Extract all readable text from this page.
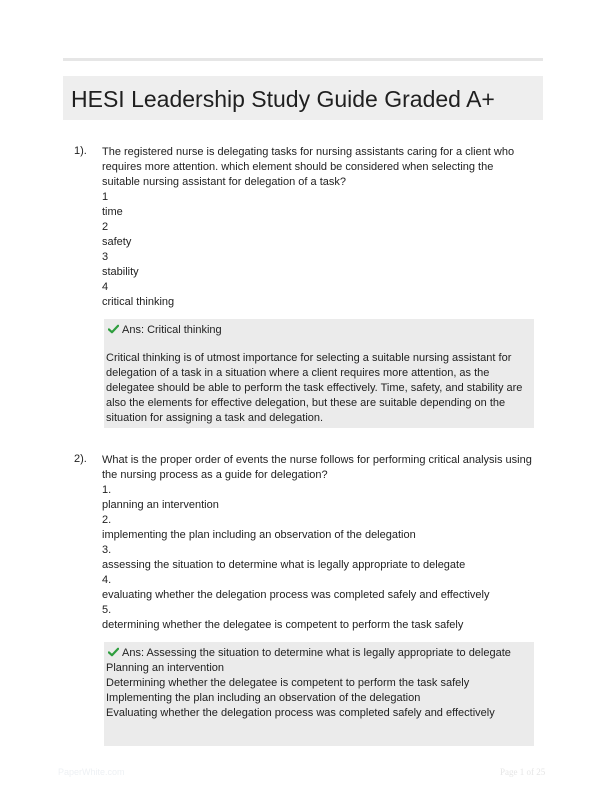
HESI Leadership Study Guide Graded A+
1). The registered nurse is delegating tasks for nursing assistants caring for a client who requires more attention. which element should be considered when selecting the suitable nursing assistant for delegation of a task?
1
time
2
safety
3
stability
4
critical thinking
Ans: Critical thinking

Critical thinking is of utmost importance for selecting a suitable nursing assistant for delegation of a task in a situation where a client requires more attention, as the delegatee should be able to perform the task effectively. Time, safety, and stability are also the elements for effective delegation, but these are suitable depending on the situation for assigning a task and delegation.

2). What is the proper order of events the nurse follows for performing critical analysis using the nursing process as a guide for delegation?
1.
planning an intervention
2.
implementing the plan including an observation of the delegation
3.
assessing the situation to determine what is legally appropriate to delegate
4.
evaluating whether the delegation process was completed safely and effectively
5.
determining whether the delegatee is competent to perform the task safely
Ans: Assessing the situation to determine what is legally appropriate to delegate
Planning an intervention
Determining whether the delegatee is competent to perform the task safely
Implementing the plan including an observation of the delegation
Evaluating whether the delegation process was completed safely and effectively
PaperWhite.com	Page 1 of 25
